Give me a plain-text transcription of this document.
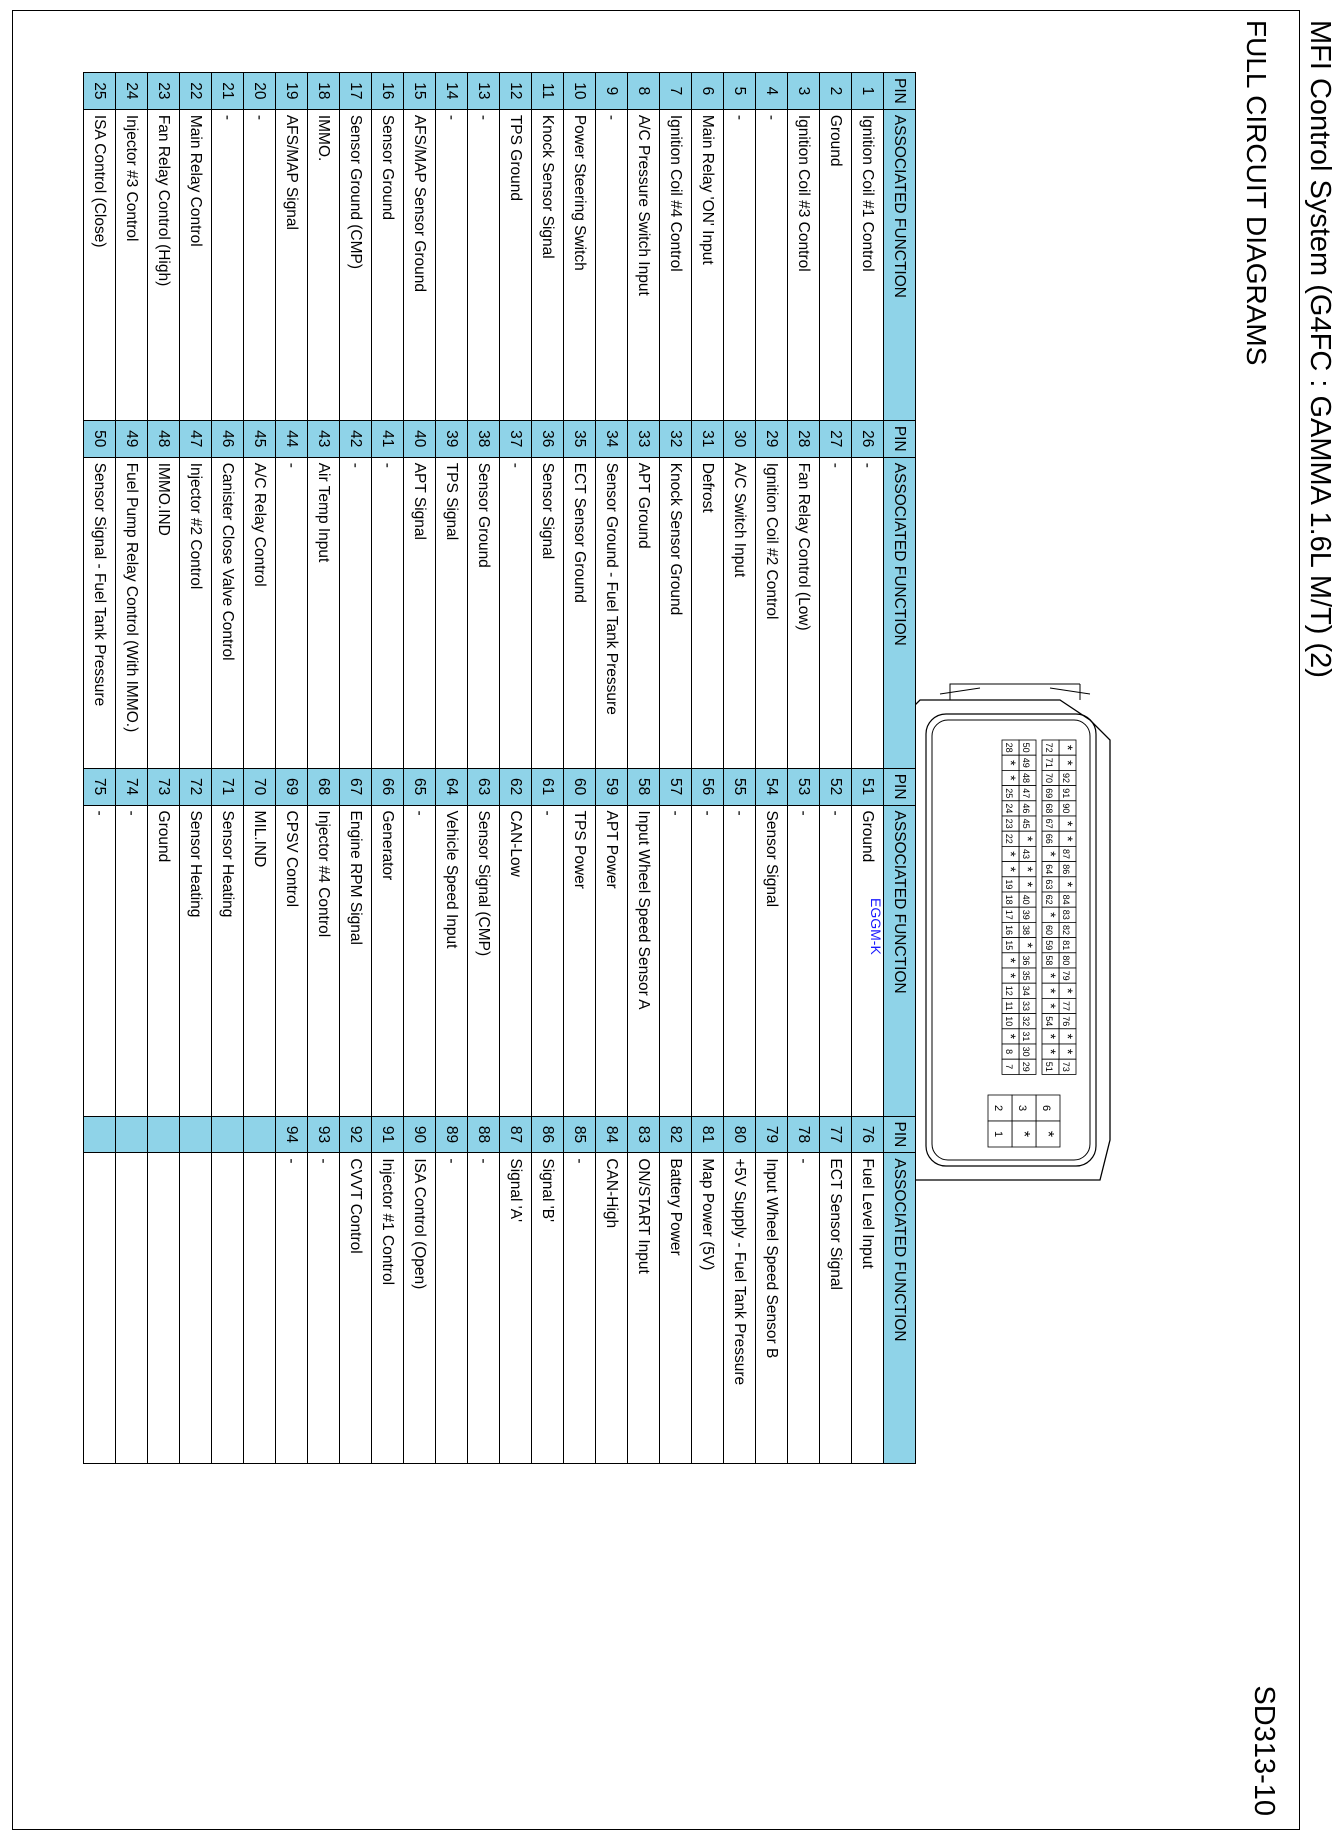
MFI Control System (G4FC : GAMMA 1.6L M/T) (2)
FULL CIRCUIT DIAGRAMS
SD313-10
*
*
92
91
90
*
*
87
86
*
84
83
82
81
80
79
*
77
76
*
*
72
71
70
69
68
67
66
*
64
63
62
*
60
59
58
*
*
*
54
*
*
51
50
49
48
47
46
45
*
43
*
*
40
39
38
*
36
35
34
33
32
31
30
29
28
*
*
25
24
23
22
*
*
19
18
17
16
15
*
*
12
11
10
*
8
7	73
6
*
3
*
2
1
EGGM-K
PIN	ASSOCIATED FUNCTION	PIN	ASSOCIATED FUNCTION	PIN	ASSOCIATED FUNCTION	PIN	ASSOCIATED FUNCTION
1	Ignition Coil #1 Control	26	-	51	Ground	76	Fuel Level Input
2	Ground	27	-	52	-	77	ECT Sensor Signal
3	Ignition Coil #3 Control	28	Fan Relay Control (Low)	53	-	78	-
4	-	29	Ignition Coil #2 Control	54	Sensor Signal	79	Input Wheel Speed Sensor B
5	-	30	A/C Switch Input	55	-	80	+5V Supply - Fuel Tank Pressure
6	Main Relay 'ON' Input	31	Defrost	56	-	81	Map Power (5V)
7	Ignition Coil #4 Control	32	Knock Sensor Ground	57	-	82	Battery Power
8	A/C Pressure Switch Input	33	APT Ground	58	Input Wheel Speed Sensor A	83	ON/START Input
9	-	34	Sensor Ground - Fuel Tank Pressure	59	APT Power	84	CAN-High
10	Power Steering Switch	35	ECT Sensor Ground	60	TPS Power	85	-
11	Knock Sensor Signal	36	Sensor Signal	61	-	86	Signal 'B'
12	TPS Ground	37	-	62	CAN-Low	87	Signal 'A'
13	-	38	Sensor Ground	63	Sensor Signal (CMP)	88	-
14	-	39	TPS Signal	64	Vehicle Speed Input	89	-
15	AFS/MAP Sensor Ground	40	APT Signal	65	-	90	ISA Control (Open)
16	Sensor Ground	41	-	66	Generator	91	Injector #1 Control
17	Sensor Ground (CMP)	42	-	67	Engine RPM Signal	92	CVVT Control
18	IMMO.	43	Air Temp Input	68	Injector #4 Control	93	-
19	AFS/MAP Signal	44	-	69	CPSV Control	94	-
20	-	45	A/C Relay Control	70	MIL.IND		
21	-	46	Canister Close Valve Control	71	Sensor Heating		
22	Main Relay Control	47	Injector #2 Control	72	Sensor Heating		
23	Fan Relay Control (High)	48	IMMO.IND	73	Ground		
24	Injector #3 Control	49	Fuel Pump Relay Control (With IMMO.)	74	-		
25	ISA Control (Close)	50	Sensor Signal - Fuel Tank Pressure	75	-		
